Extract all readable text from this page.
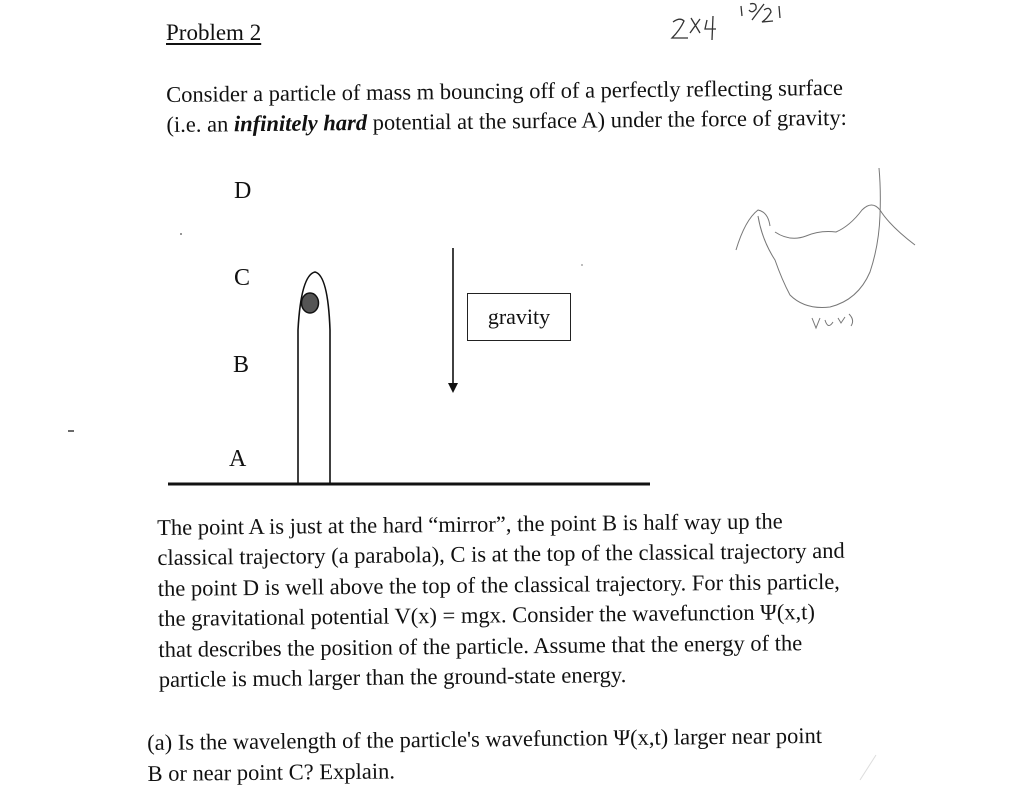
Problem 2
Consider a particle of mass m bouncing off of a perfectly reflecting surface
(i.e. an infinitely hard potential at the surface A) under the force of gravity:
D
C
B
A
gravity

The point A is just at the hard “mirror”, the point B is half way up the

classical trajectory (a parabola), C is at the top of the classical trajectory and

the point D is well above the top of the classical trajectory. For this particle,

the gravitational potential V(x) = mgx. Consider the wavefunction Ψ(x,t)

that describes the position of the particle. Assume that the energy of the

particle is much larger than the ground-state energy.

(a) Is the wavelength of the particle's wavefunction Ψ(x,t) larger near point
B or near point C? Explain.
